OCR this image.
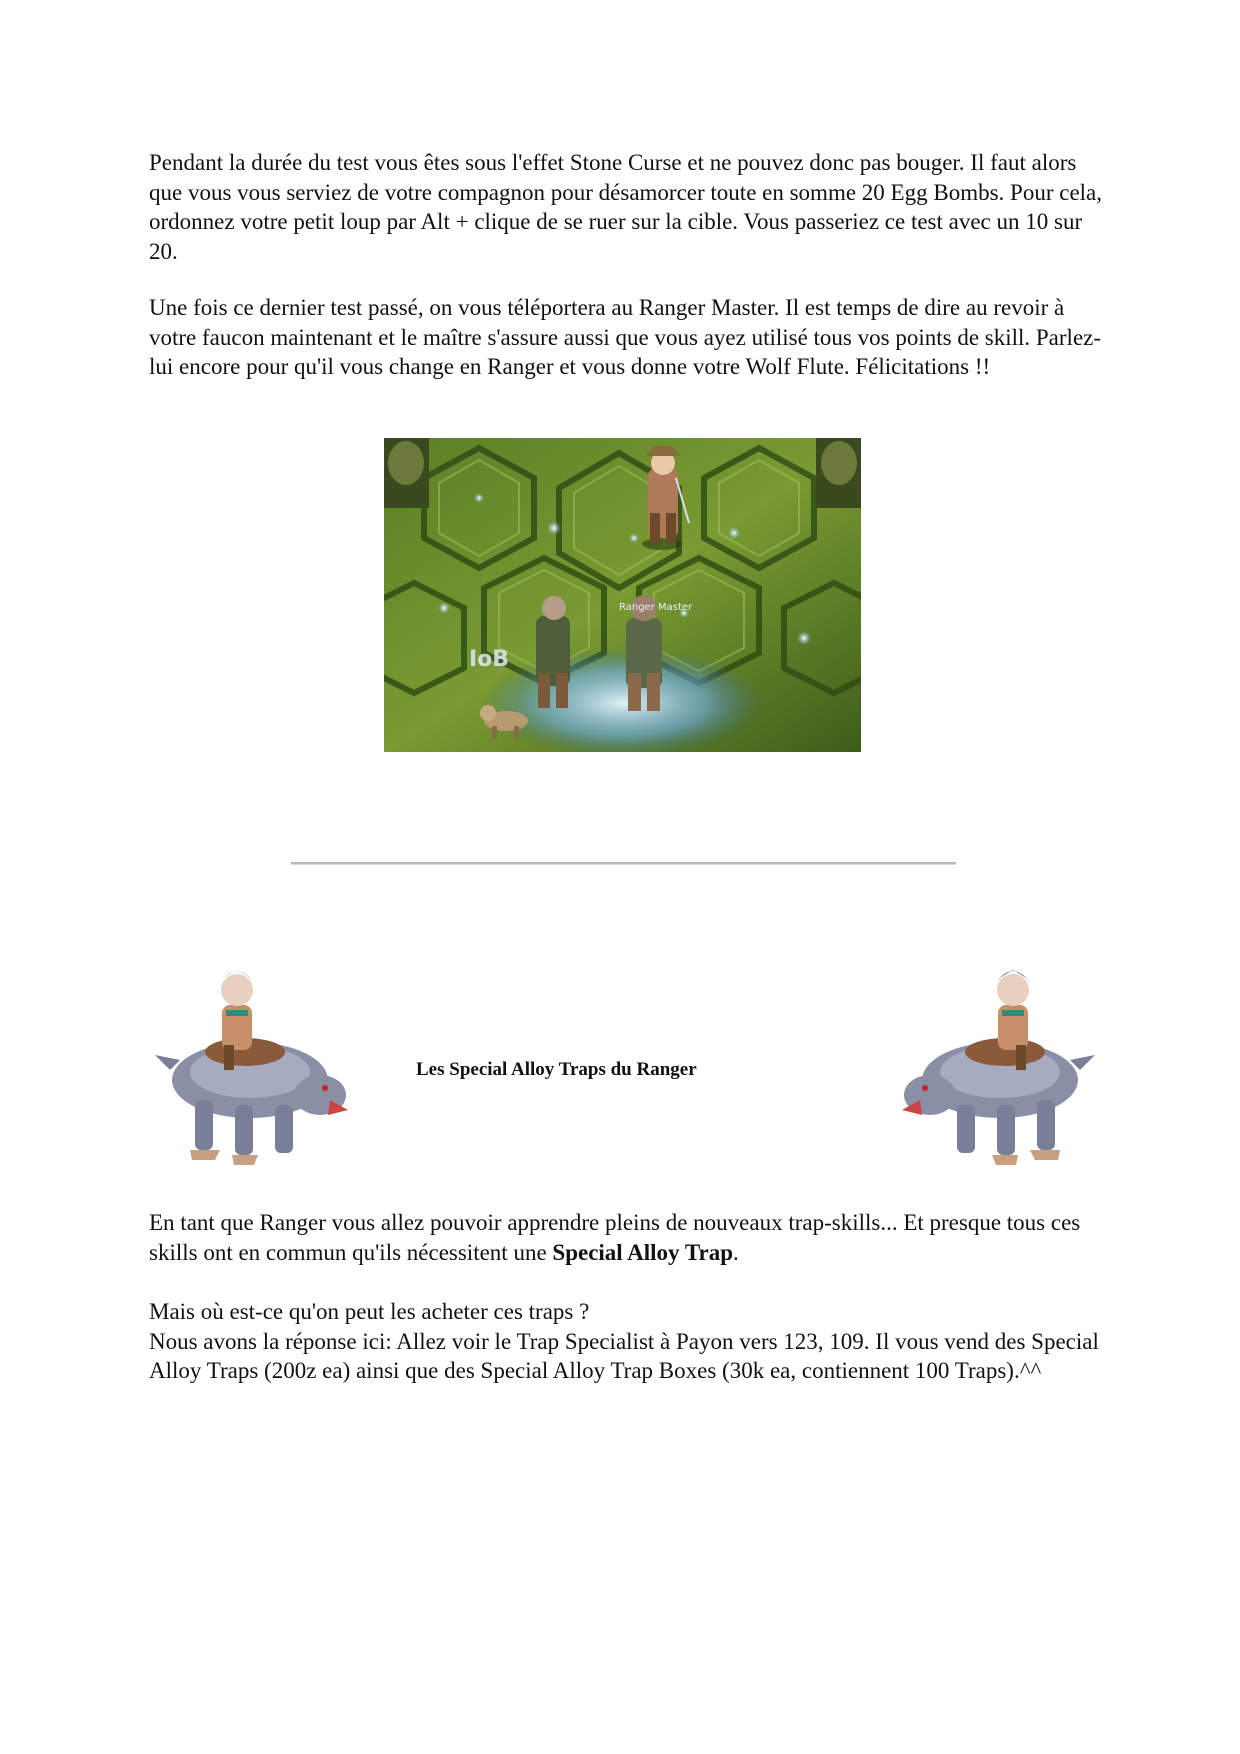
Pendant la durée du test vous êtes sous l'effet Stone Curse et ne pouvez donc pas bouger. Il faut alors que vous vous serviez de votre compagnon pour désamorcer toute en somme 20 Egg Bombs. Pour cela, ordonnez votre petit loup par Alt + clique de se ruer sur la cible. Vous passeriez ce test avec un 10 sur 20.

Une fois ce dernier test passé, on vous téléportera au Ranger Master. Il est temps de dire au revoir à votre faucon maintenant et le maître s'assure aussi que vous ayez utilisé tous vos points de skill. Parlez-lui encore pour qu'il vous change en Ranger et vous donne votre Wolf Flute. Félicitations !!

Ranger Master
IoB
Les Special Alloy Traps du Ranger

En tant que Ranger vous allez pouvoir apprendre pleins de nouveaux trap-skills... Et presque tous ces skills ont en commun qu'ils nécessitent une Special Alloy Trap.

Mais où est-ce qu'on peut les acheter ces traps ?
Nous avons la réponse ici: Allez voir le Trap Specialist à Payon vers 123, 109. Il vous vend des Special Alloy Traps (200z ea) ainsi que des Special Alloy Trap Boxes (30k ea, contiennent 100 Traps).^^
